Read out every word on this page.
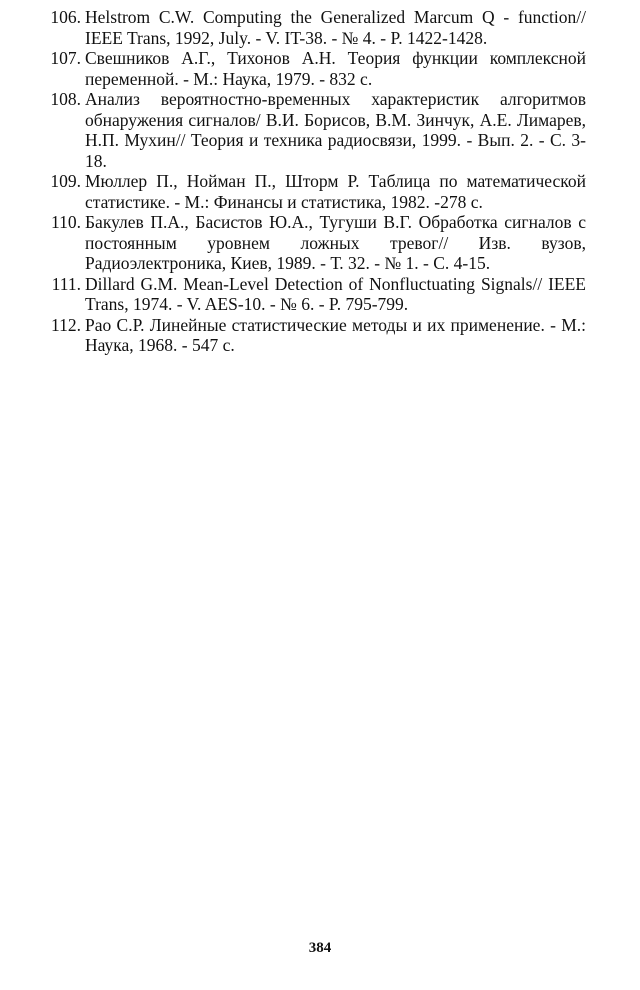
106. Helstrom C.W. Computing the Generalized Marcum Q - function// IEEE Trans, 1992, July. - V. IT-38. - № 4. - P. 1422-1428.
107. Свешников А.Г., Тихонов А.Н. Теория функции комплексной переменной. - М.: Наука, 1979. - 832 с.
108. Анализ вероятностно-временных характеристик алгоритмов обнаружения сигналов/ В.И. Борисов, В.М. Зинчук, А.Е. Лимарев, Н.П. Мухин// Теория и техника радиосвязи, 1999. - Вып. 2. - С. 3-18.
109. Мюллер П., Нойман П., Шторм Р. Таблица по математической статистике. - М.: Финансы и статистика, 1982. -278 с.
110. Бакулев П.А., Басистов Ю.А., Тугуши В.Г. Обработка сигналов с постоянным уровнем ложных тревог// Изв. вузов, Радиоэлектроника, Киев, 1989. - Т. 32. - № 1. - С. 4-15.
111. Dillard G.M. Mean-Level Detection of Nonfluctuating Signals// IEEE Trans, 1974. - V. AES-10. - № 6. - P. 795-799.
112. Рао С.Р. Линейные статистические методы и их применение. - М.: Наука, 1968. - 547 с.
384
